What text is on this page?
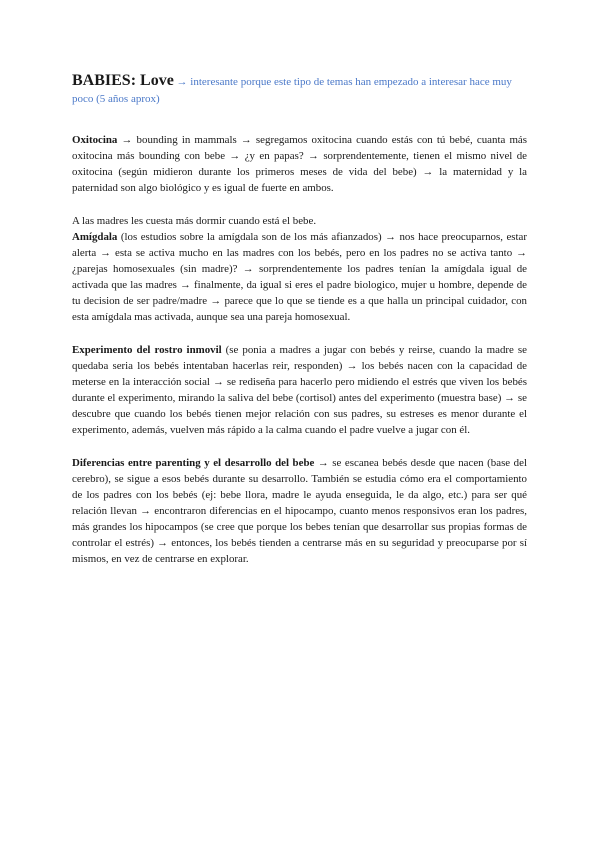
BABIES: Love → interesante porque este tipo de temas han empezado a interesar hace muy poco (5 años aprox)

Oxitocina → bounding in mammals → segregamos oxitocina cuando estás con tú bebé, cuanta más oxitocina más bounding con bebe → ¿y en papas? → sorprendentemente, tienen el mismo nivel de oxitocina (según midieron durante los primeros meses de vida del bebe) → la maternidad y la paternidad son algo biológico y es igual de fuerte en ambos.

A las madres les cuesta más dormir cuando está el bebe.

Amígdala (los estudios sobre la amígdala son de los más afianzados) → nos hace preocuparnos, estar alerta → esta se activa mucho en las madres con los bebés, pero en los padres no se activa tanto → ¿parejas homosexuales (sin madre)? → sorprendentemente los padres tenían la amígdala igual de activada que las madres → finalmente, da igual si eres el padre biologico, mujer u hombre, depende de tu decision de ser padre/madre → parece que lo que se tiende es a que halla un principal cuidador, con esta amígdala mas activada, aunque sea una pareja homosexual.

Experimento del rostro inmovil (se ponia a madres a jugar con bebés y reirse, cuando la madre se quedaba seria los bebés intentaban hacerlas reir, responden) → los bebés nacen con la capacidad de meterse en la interacción social → se rediseña para hacerlo pero midiendo el estrés que viven los bebés durante el experimento, mirando la saliva del bebe (cortisol) antes del experimento (muestra base) → se descubre que cuando los bebés tienen mejor relación con sus padres, su estreses es menor durante el experimento, además, vuelven más rápido a la calma cuando el padre vuelve a jugar con él.

Diferencias entre parenting y el desarrollo del bebe → se escanea bebés desde que nacen (base del cerebro), se sigue a esos bebés durante su desarrollo. También se estudia cómo era el comportamiento de los padres con los bebés (ej: bebe llora, madre le ayuda enseguida, le da algo, etc.) para ser qué relación llevan → encontraron diferencias en el hipocampo, cuanto menos responsivos eran los padres, más grandes los hipocampos (se cree que porque los bebes tenían que desarrollar sus propias formas de controlar el estrés) → entonces, los bebés tienden a centrarse más en su seguridad y preocuparse por sí mismos, en vez de centrarse en explorar.
